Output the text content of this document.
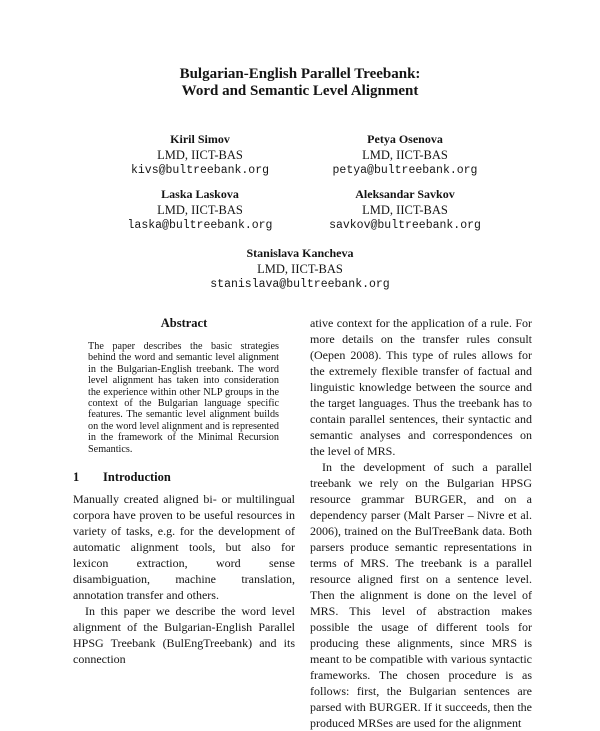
Bulgarian-English Parallel Treebank:
Word and Semantic Level Alignment
Kiril Simov
LMD, IICT-BAS
kivs@bultreebank.org
Petya Osenova
LMD, IICT-BAS
petya@bultreebank.org
Laska Laskova
LMD, IICT-BAS
laska@bultreebank.org
Aleksandar Savkov
LMD, IICT-BAS
savkov@bultreebank.org
Stanislava Kancheva
LMD, IICT-BAS
stanislava@bultreebank.org
Abstract
The paper describes the basic strategies behind the word and semantic level alignment in the Bulgarian-English treebank. The word level alignment has taken into consideration the experience within other NLP groups in the context of the Bulgarian language specific features. The semantic level alignment builds on the word level alignment and is represented in the framework of the Minimal Recursion Semantics.
1 Introduction

Manually created aligned bi- or multilingual corpora have proven to be useful resources in variety of tasks, e.g. for the development of automatic alignment tools, but also for lexicon extraction, word sense disambiguation, machine translation, annotation transfer and others.

In this paper we describe the word level alignment of the Bulgarian-English Parallel HPSG Treebank (BulEngTreebank) and its connection

ative context for the application of a rule. For more details on the transfer rules consult (Oepen 2008). This type of rules allows for the extremely flexible transfer of factual and linguistic knowledge between the source and the target languages. Thus the treebank has to contain parallel sentences, their syntactic and semantic analyses and correspondences on the level of MRS.

In the development of such a parallel treebank we rely on the Bulgarian HPSG resource grammar BURGER, and on a dependency parser (Malt Parser – Nivre et al. 2006), trained on the BulTreeBank data. Both parsers produce semantic representations in terms of MRS. The treebank is a parallel resource aligned first on a sentence level. Then the alignment is done on the level of MRS. This level of abstraction makes possible the usage of different tools for producing these alignments, since MRS is meant to be compatible with various syntactic frameworks. The chosen procedure is as follows: first, the Bulgarian sentences are parsed with BURGER. If it succeeds, then the produced MRSes are used for the alignment
